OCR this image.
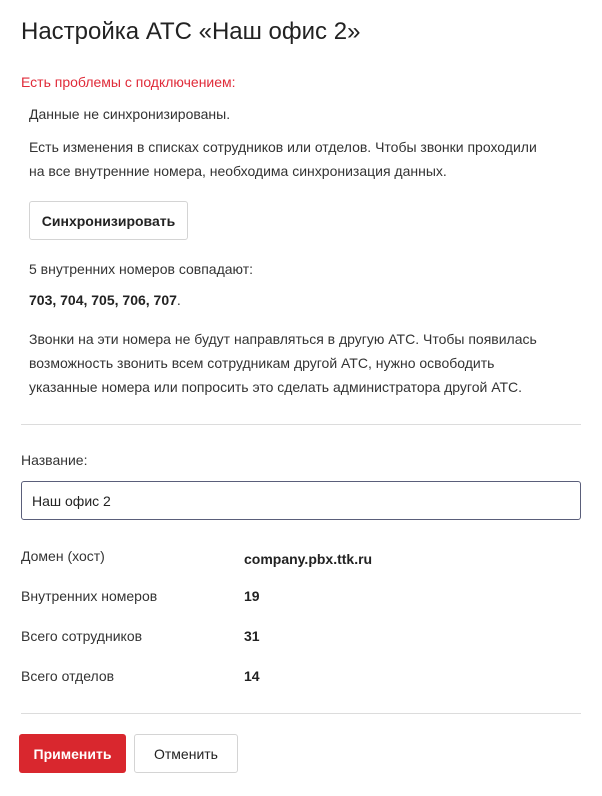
Настройка АТС «Наш офис 2»
Есть проблемы с подключением:
Данные не синхронизированы.
Есть изменения в списках сотрудников или отделов. Чтобы звонки проходили
на все внутренние номера, необходима синхронизация данных.
Синхронизировать
5 внутренних номеров совпадают:
703, 704, 705, 706, 707.
Звонки на эти номера не будут направляться в другую АТС. Чтобы появилась
возможность звонить всем сотрудникам другой АТС, нужно освободить
указанные номера или попросить это сделать администратора другой АТС.
Название:
Наш офис 2
Домен (хост)	company.pbx.ttk.ru
Внутренних номеров	19
Всего сотрудников	31
Всего отделов	14
Применить	Отменить
